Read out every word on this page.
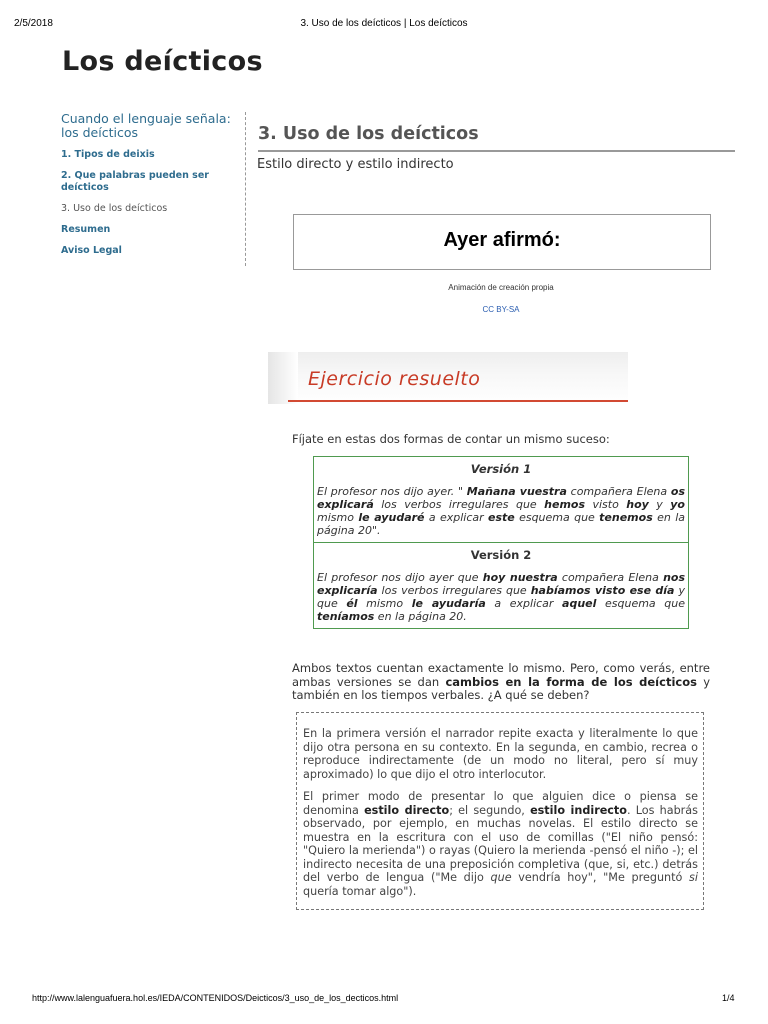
2/5/2018	3. Uso de los deícticos | Los deícticos
Los deícticos
Cuando el lenguaje señala: los deícticos
1. Tipos de deixis
2. Que palabras pueden ser deícticos
3. Uso de los deícticos
Resumen
Aviso Legal
3. Uso de los deícticos
Estilo directo y estilo indirecto
Ayer afirmó:
Animación de creación propia
CC BY-SA
Ejercicio resuelto
Fíjate en estas dos formas de contar un mismo suceso:
Versión 1
El profesor nos dijo ayer. " Mañana vuestra compañera Elena os explicará los verbos irregulares que hemos visto hoy y yo mismo le ayudaré a explicar este esquema que tenemos en la página 20".

Versión 2
El profesor nos dijo ayer que hoy nuestra compañera Elena nos explicaría los verbos irregulares que habíamos visto ese día y que él mismo le ayudaría a explicar aquel esquema que teníamos en la página 20.
Ambos textos cuentan exactamente lo mismo. Pero, como verás, entre ambas versiones se dan cambios en la forma de los deícticos y también en los tiempos verbales. ¿A qué se deben?

En la primera versión el narrador repite exacta y literalmente lo que dijo otra persona en su contexto. En la segunda, en cambio, recrea o reproduce indirectamente (de un modo no literal, pero sí muy aproximado) lo que dijo el otro interlocutor.

El primer modo de presentar lo que alguien dice o piensa se denomina estilo directo; el segundo, estilo indirecto. Los habrás observado, por ejemplo, en muchas novelas. El estilo directo se muestra en la escritura con el uso de comillas ("El niño pensó: "Quiero la merienda") o rayas (Quiero la merienda -pensó el niño -); el indirecto necesita de una preposición completiva (que, si, etc.) detrás del verbo de lengua ("Me dijo que vendría hoy", "Me preguntó si quería tomar algo").

http://www.lalenguafuera.hol.es/IEDA/CONTENIDOS/Deicticos/3_uso_de_los_decticos.html	1/4
